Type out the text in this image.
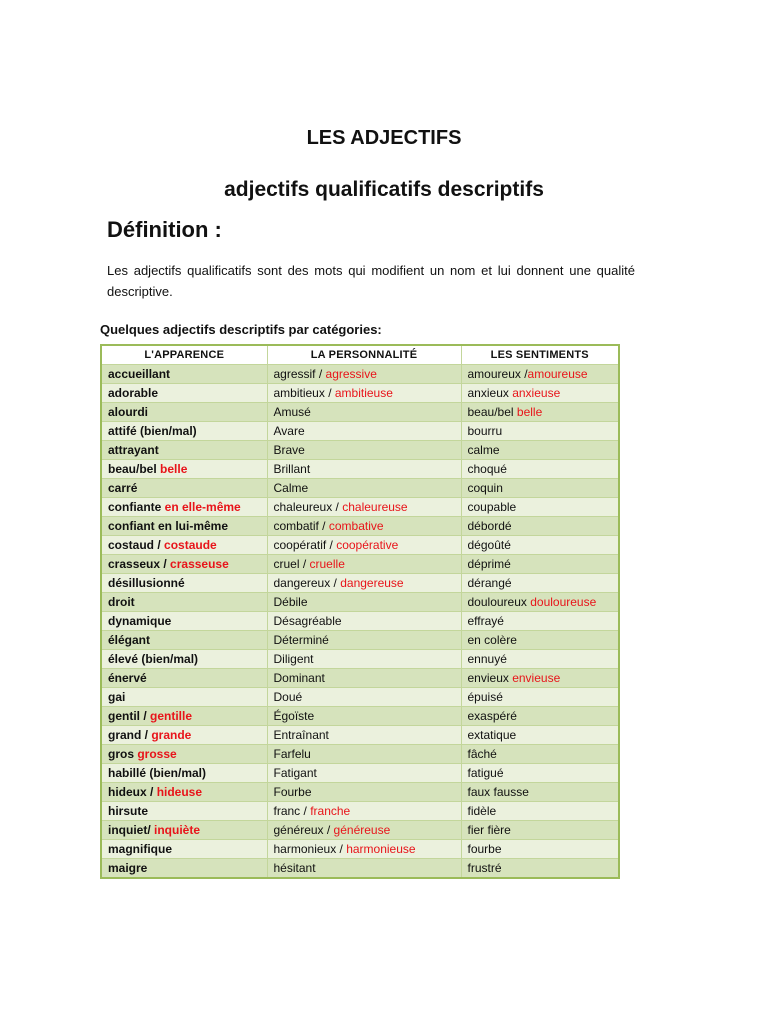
LES ADJECTIFS
adjectifs qualificatifs descriptifs
Définition :

Les adjectifs qualificatifs sont des mots qui modifient un nom et lui donnent une qualité descriptive.

Quelques adjectifs descriptifs par catégories:

L'APPARENCE	LA PERSONNALITÉ	LES SENTIMENTS
accueillant	agressif / agressive	amoureux /amoureuse
adorable	ambitieux / ambitieuse	anxieux anxieuse
alourdi	Amusé	beau/bel belle
attifé (bien/mal)	Avare	bourru
attrayant	Brave	calme
beau/bel belle	Brillant	choqué
carré	Calme	coquin
confiante en elle-même	chaleureux / chaleureuse	coupable
confiant en lui-même	combatif / combative	débordé
costaud / costaude	coopératif / coopérative	dégoûté
crasseux / crasseuse	cruel / cruelle	déprimé
désillusionné	dangereux / dangereuse	dérangé
droit	Débile	douloureux douloureuse
dynamique	Désagréable	effrayé
élégant	Déterminé	en colère
élevé (bien/mal)	Diligent	ennuyé
énervé	Dominant	envieux envieuse
gai	Doué	épuisé
gentil / gentille	Égoïste	exaspéré
grand / grande	Entraînant	extatique
gros grosse	Farfelu	fâché
habillé (bien/mal)	Fatigant	fatigué
hideux / hideuse	Fourbe	faux fausse
hirsute	franc / franche	fidèle
inquiet/ inquiète	généreux / généreuse	fier fière
magnifique	harmonieux / harmonieuse	fourbe
maigre	hésitant	frustré
